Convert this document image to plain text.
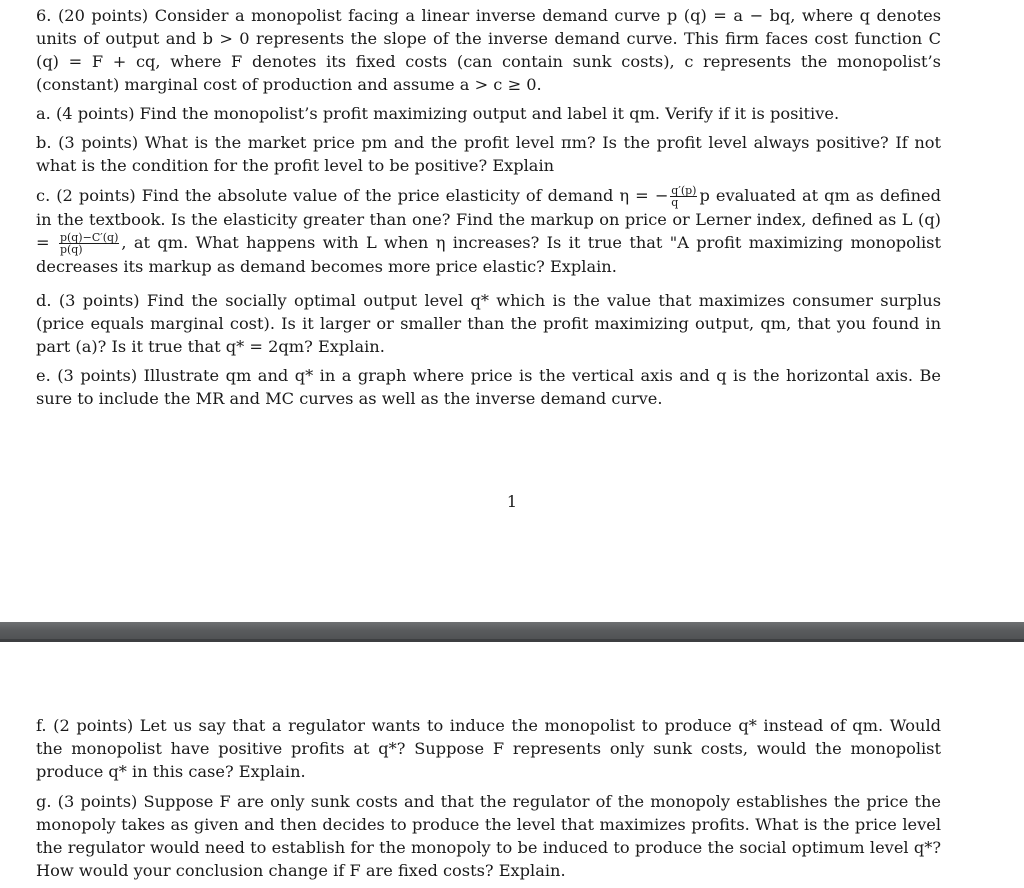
6. (20 points) Consider a monopolist facing a linear inverse demand curve p (q) = a − bq, where q denotes units of output and b > 0 represents the slope of the inverse demand curve. This firm faces cost function C (q) = F + cq, where F denotes its fixed costs (can contain sunk costs), c represents the monopolist’s (constant) marginal cost of production and assume a > c ≥ 0.

a. (4 points) Find the monopolist’s profit maximizing output and label it qm. Verify if it is positive.

b. (3 points) What is the market price pm and the profit level πm? Is the profit level always positive? If not what is the condition for the profit level to be positive? Explain

c. (2 points) Find the absolute value of the price elasticity of demand η = − $\frac{q'(p)}{q}$ p evaluated at qm as defined in the textbook. Is the elasticity greater than one? Find the markup on price or Lerner index, defined as L $(q) = \frac{p(q)-C'(q)}{p(q)}$ , at qm. What happens with L when η increases? Is it true that "A profit maximizing monopolist decreases its markup as demand becomes more price elastic? Explain.

d. (3 points) Find the socially optimal output level q* which is the value that maximizes consumer surplus (price equals marginal cost). Is it larger or smaller than the profit maximizing output, qm, that you found in part (a)? Is it true that q* = 2qm? Explain.

e. (3 points) Illustrate qm and q* in a graph where price is the vertical axis and q is the horizontal axis. Be sure to include the MR and MC curves as well as the inverse demand curve.

1

f. (2 points) Let us say that a regulator wants to induce the monopolist to produce q* instead of qm. Would the monopolist have positive profits at q*? Suppose F represents only sunk costs, would the monopolist produce q* in this case? Explain.

g. (3 points) Suppose F are only sunk costs and that the regulator of the monopoly establishes the price the monopoly takes as given and then decides to produce the level that maximizes profits. What is the price level the regulator would need to establish for the monopoly to be induced to produce the social optimum level q*? How would your conclusion change if F are fixed costs? Explain.
